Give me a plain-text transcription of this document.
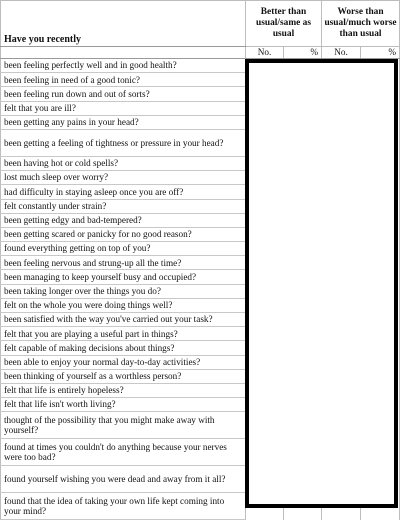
Have you recently	Better than usual/same as usual		Worse than usual/much worse than usual	
	No.	%	No.	%
been feeling perfectly well and in good health?				
been feeling in need of a good tonic?				
been feeling run down and out of sorts?				
felt that you are ill?				
been getting any pains in your head?				
been getting a feeling of tightness or pressure in your head?				
been having hot or cold spells?				
lost much sleep over worry?				
had difficulty in staying asleep once you are off?				
felt constantly under strain?				
been getting edgy and bad-tempered?				
been getting scared or panicky for no good reason?				
found everything getting on top of you?				
been feeling nervous and strung-up all the time?				
been managing to keep yourself busy and occupied?				
been taking longer over the things you do?				
felt on the whole you were doing things well?				
been satisfied with the way you've carried out your task?				
felt that you are playing a useful part in things?				
felt capable of making decisions about things?				
been able to enjoy your normal day-to-day activities?				
been thinking of yourself as a worthless person?				
felt that life is entirely hopeless?				
felt that life isn't worth living?				
thought of the possibility that you might make away with yourself?				
found at times you couldn't do anything because your nerves were too bad?				
found yourself wishing you were dead and away from it all?				
found that the idea of taking your own life kept coming into your mind?				
